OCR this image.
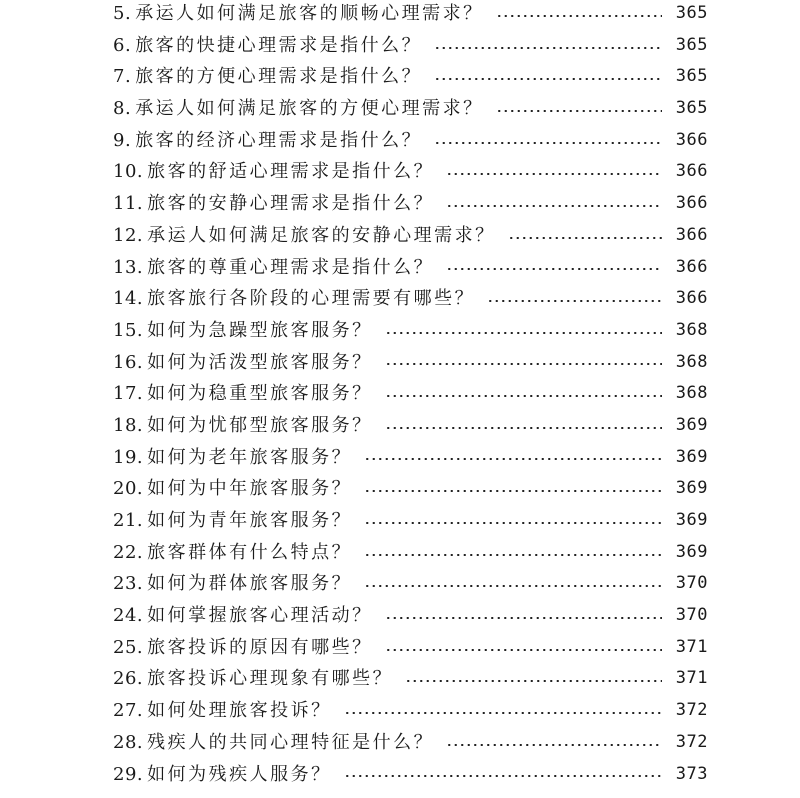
5. 承运人如何满足旅客的顺畅心理需求？	365
6. 旅客的快捷心理需求是指什么？	365
7. 旅客的方便心理需求是指什么？	365
8. 承运人如何满足旅客的方便心理需求？	365
9. 旅客的经济心理需求是指什么？	366
10. 旅客的舒适心理需求是指什么？	366
11. 旅客的安静心理需求是指什么？	366
12. 承运人如何满足旅客的安静心理需求？	366
13. 旅客的尊重心理需求是指什么？	366
14. 旅客旅行各阶段的心理需要有哪些？	366
15. 如何为急躁型旅客服务？	368
16. 如何为活泼型旅客服务？	368
17. 如何为稳重型旅客服务？	368
18. 如何为忧郁型旅客服务？	369
19. 如何为老年旅客服务？	369
20. 如何为中年旅客服务？	369
21. 如何为青年旅客服务？	369
22. 旅客群体有什么特点？	369
23. 如何为群体旅客服务？	370
24. 如何掌握旅客心理活动？	370
25. 旅客投诉的原因有哪些？	371
26. 旅客投诉心理现象有哪些？	371
27. 如何处理旅客投诉？	372
28. 残疾人的共同心理特征是什么？	372
29. 如何为残疾人服务？	373
